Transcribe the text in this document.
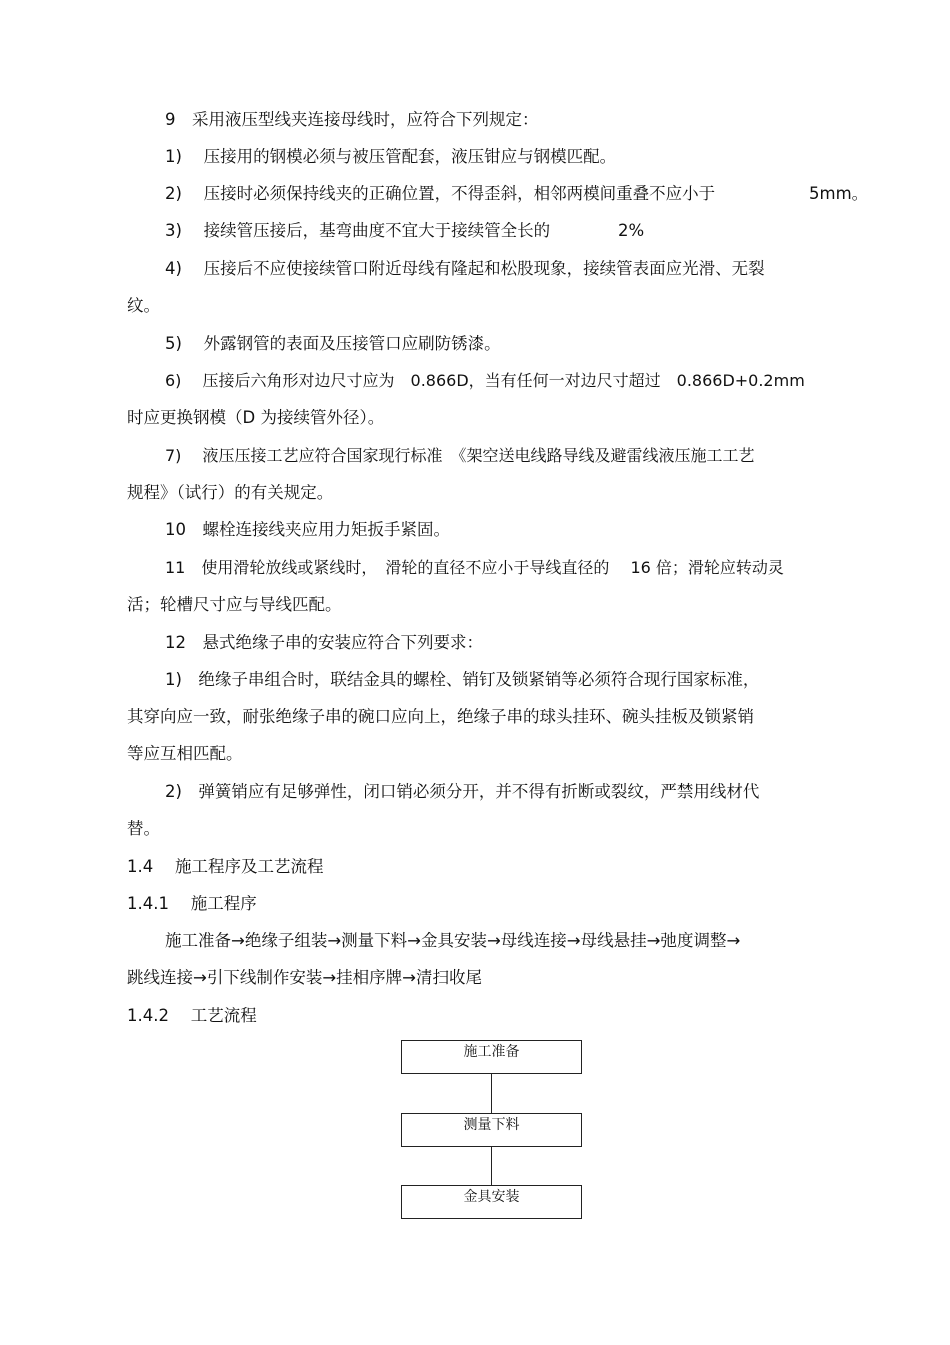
9　采用液压型线夹连接母线时，应符合下列规定：
1)　 压接用的钢模必须与被压管配套，液压钳应与钢模匹配。
2)　 压接时必须保持线夹的正确位置，不得歪斜，相邻两模间重叠不应小于	5mm。
3)　 接续管压接后，基弯曲度不宜大于接续管全长的	2%
4)　 压接后不应使接续管口附近母线有隆起和松股现象，接续管表面应光滑、无裂
纹。
5)　 外露钢管的表面及压接管口应刷防锈漆。
6)　 压接后六角形对边尺寸应为　0.866D，当有任何一对边尺寸超过　0.866D+0.2mm
时应更换钢模（D 为接续管外径）。
7)　 液压压接工艺应符合国家现行标准　《架空送电线路导线及避雷线液压施工工艺
规程》（试行）的有关规定。
10　螺栓连接线夹应用力矩扳手紧固。
11　使用滑轮放线或紧线时，　滑轮的直径不应小于导线直径的　 16 倍；滑轮应转动灵
活；轮槽尺寸应与导线匹配。
12　悬式绝缘子串的安装应符合下列要求：
1)　绝缘子串组合时，联结金具的螺栓、销钉及锁紧销等必须符合现行国家标准，
其穿向应一致，耐张绝缘子串的碗口应向上，绝缘子串的球头挂环、碗头挂板及锁紧销
等应互相匹配。
2)　弹簧销应有足够弹性，闭口销必须分开，并不得有折断或裂纹，严禁用线材代
替。
1.4　 施工程序及工艺流程
1.4.1　 施工程序
施工准备→绝缘子组装→测量下料→金具安装→母线连接→母线悬挂→弛度调整→
跳线连接→引下线制作安装→挂相序牌→清扫收尾
1.4.2　 工艺流程
施工准备
测量下料
金具安装
